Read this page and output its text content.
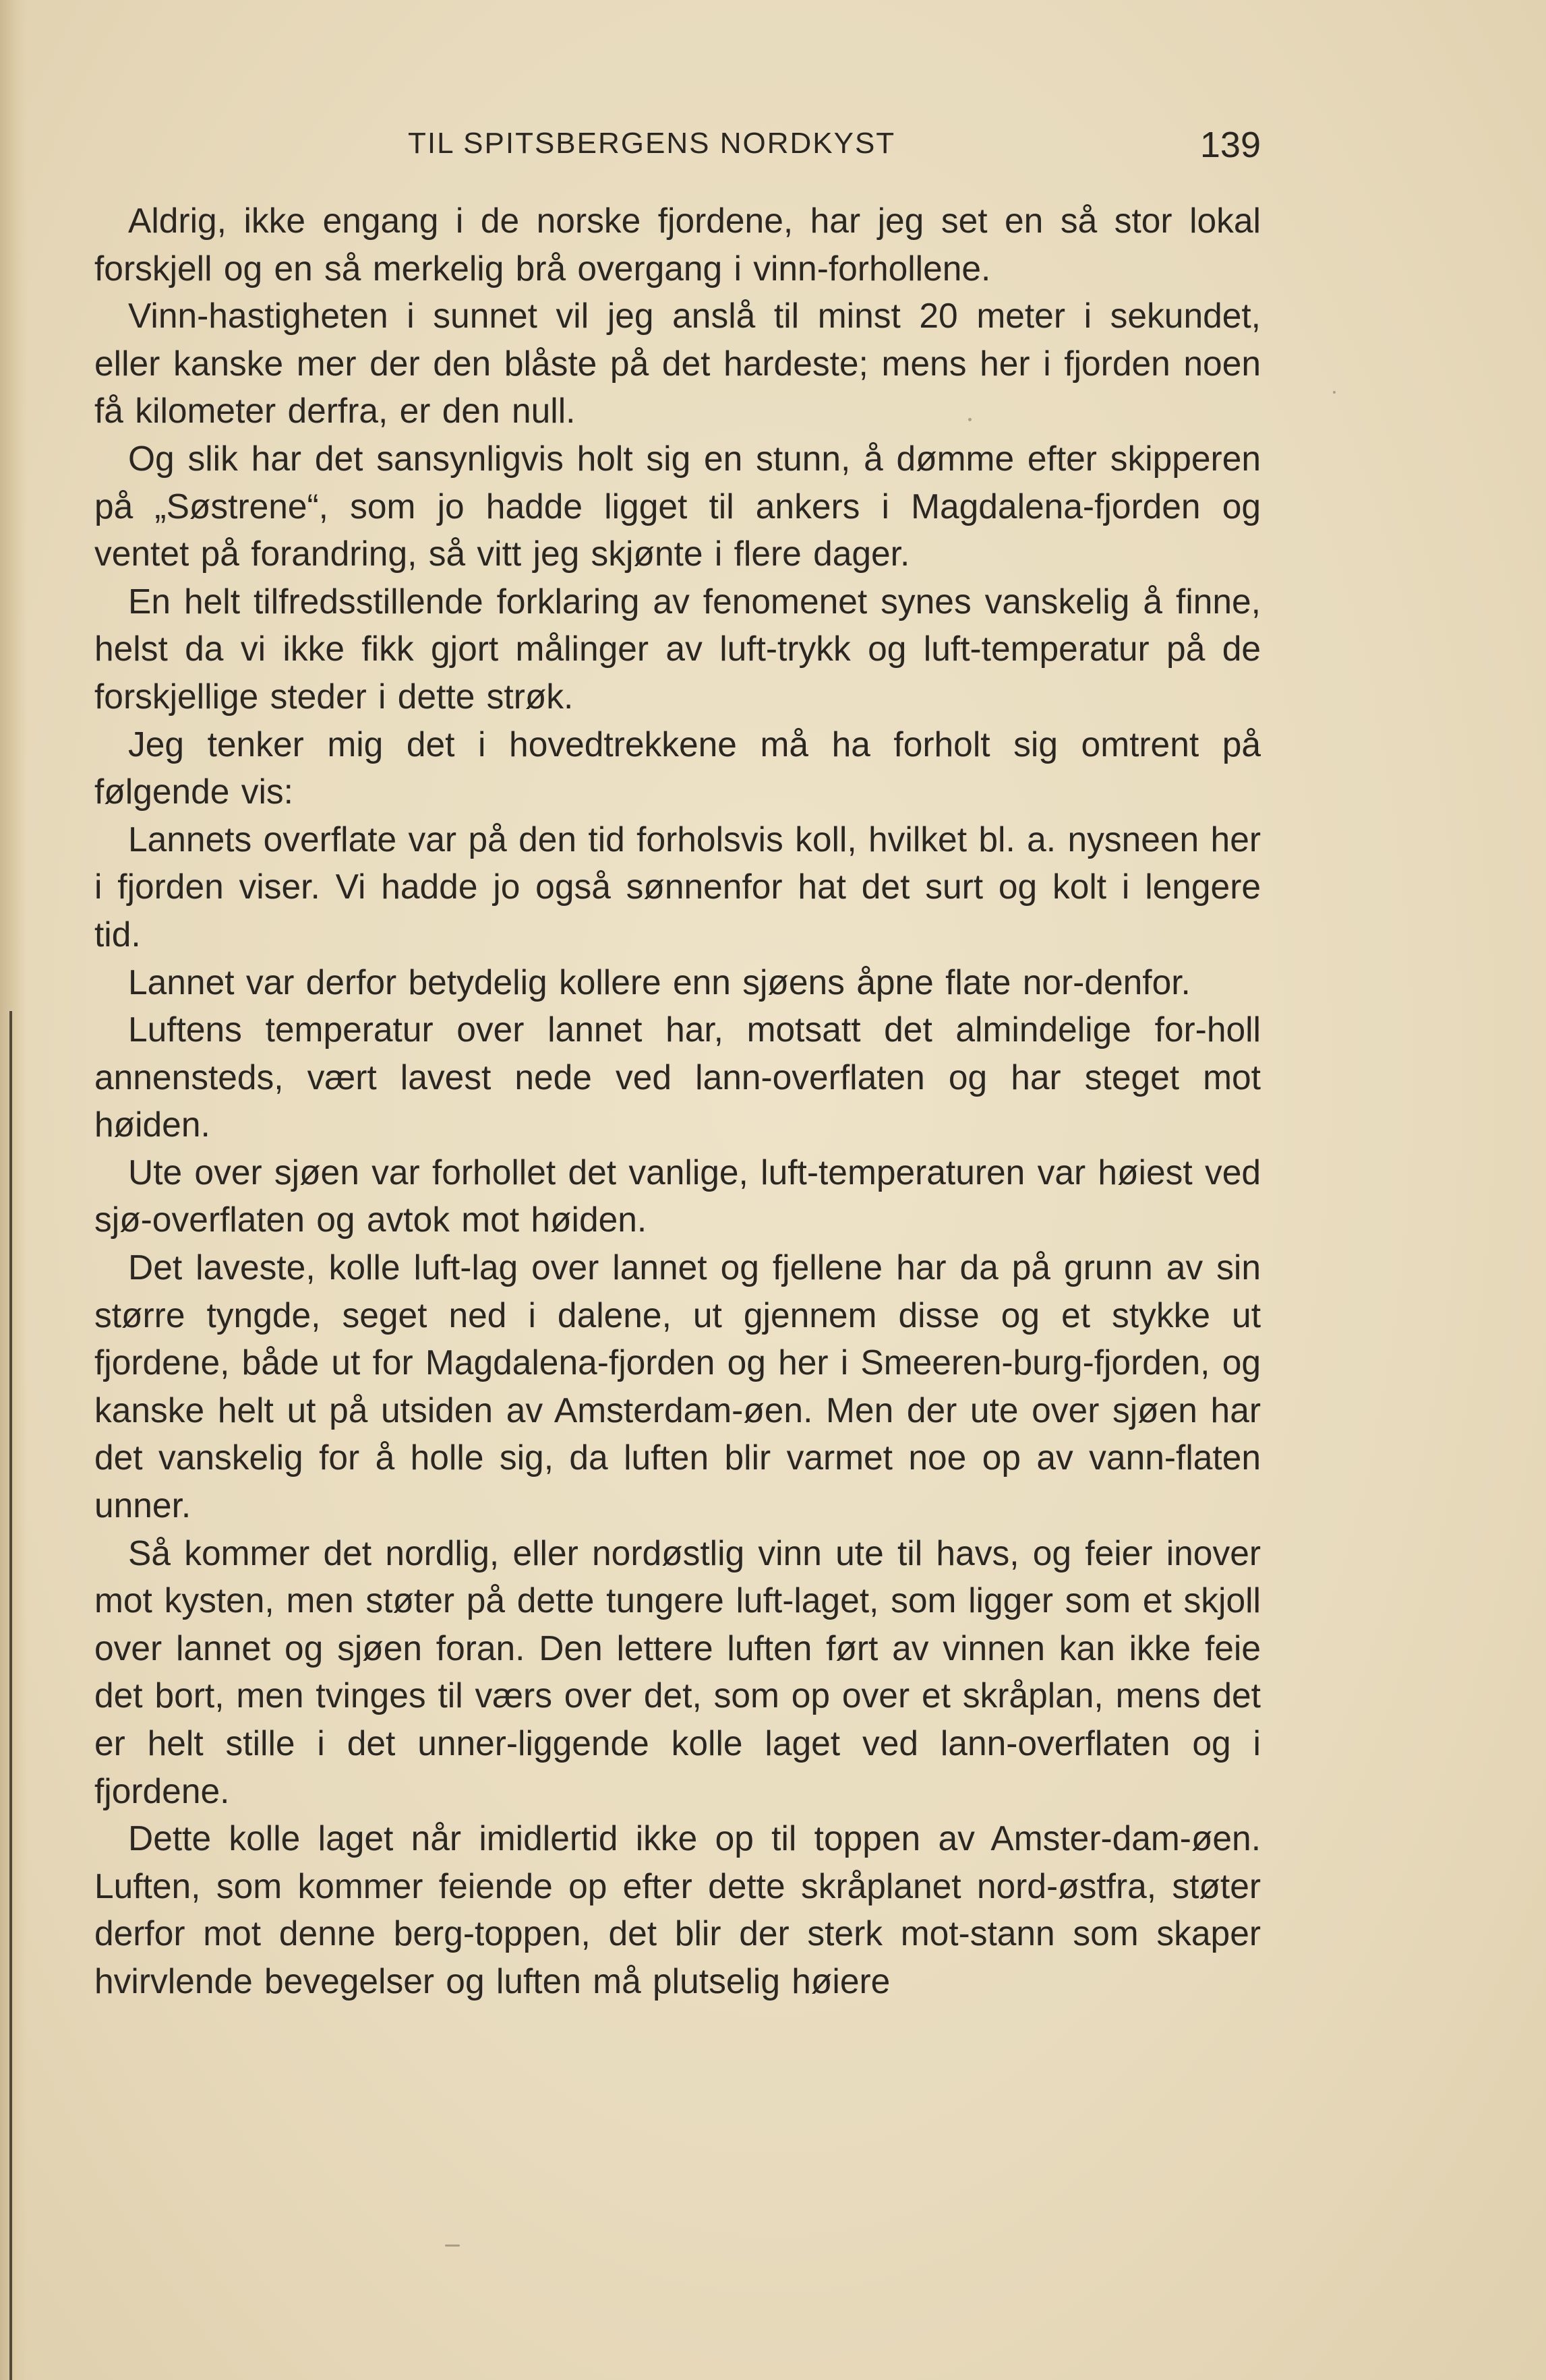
TIL SPITSBERGENS NORDKYST	139

Aldrig, ikke engang i de norske fjordene, har jeg set en så stor lokal forskjell og en så merkelig brå overgang i vinn-forhollene.

Vinn-hastigheten i sunnet vil jeg anslå til minst 20 meter i sekundet, eller kanske mer der den blåste på det hardeste; mens her i fjorden noen få kilometer derfra, er den null.

Og slik har det sansynligvis holt sig en stunn, å dømme efter skipperen på „Søstrene“, som jo hadde ligget til ankers i Magdalena-fjorden og ventet på forandring, så vitt jeg skjønte i flere dager.

En helt tilfredsstillende forklaring av fenomenet synes vanskelig å finne, helst da vi ikke fikk gjort målinger av luft-trykk og luft-temperatur på de forskjellige steder i dette strøk.

Jeg tenker mig det i hovedtrekkene må ha forholt sig omtrent på følgende vis:

Lannets overflate var på den tid forholsvis koll, hvilket bl. a. nysneen her i fjorden viser. Vi hadde jo også sønnenfor hat det surt og kolt i lengere tid.

Lannet var derfor betydelig kollere enn sjøens åpne flate nor-denfor.

Luftens temperatur over lannet har, motsatt det almindelige for-holl annensteds, vært lavest nede ved lann-overflaten og har steget mot høiden.

Ute over sjøen var forhollet det vanlige, luft-temperaturen var høiest ved sjø-overflaten og avtok mot høiden.

Det laveste, kolle luft-lag over lannet og fjellene har da på grunn av sin større tyngde, seget ned i dalene, ut gjennem disse og et stykke ut fjordene, både ut for Magdalena-fjorden og her i Smeeren-burg-fjorden, og kanske helt ut på utsiden av Amsterdam-øen. Men der ute over sjøen har det vanskelig for å holle sig, da luften blir varmet noe op av vann-flaten unner.

Så kommer det nordlig, eller nordøstlig vinn ute til havs, og feier inover mot kysten, men støter på dette tungere luft-laget, som ligger som et skjoll over lannet og sjøen foran. Den lettere luften ført av vinnen kan ikke feie det bort, men tvinges til værs over det, som op over et skråplan, mens det er helt stille i det unner-liggende kolle laget ved lann-overflaten og i fjordene.

Dette kolle laget når imidlertid ikke op til toppen av Amster-dam-øen. Luften, som kommer feiende op efter dette skråplanet nord-østfra, støter derfor mot denne berg-toppen, det blir der sterk mot-stann som skaper hvirvlende bevegelser og luften må plutselig høiere
